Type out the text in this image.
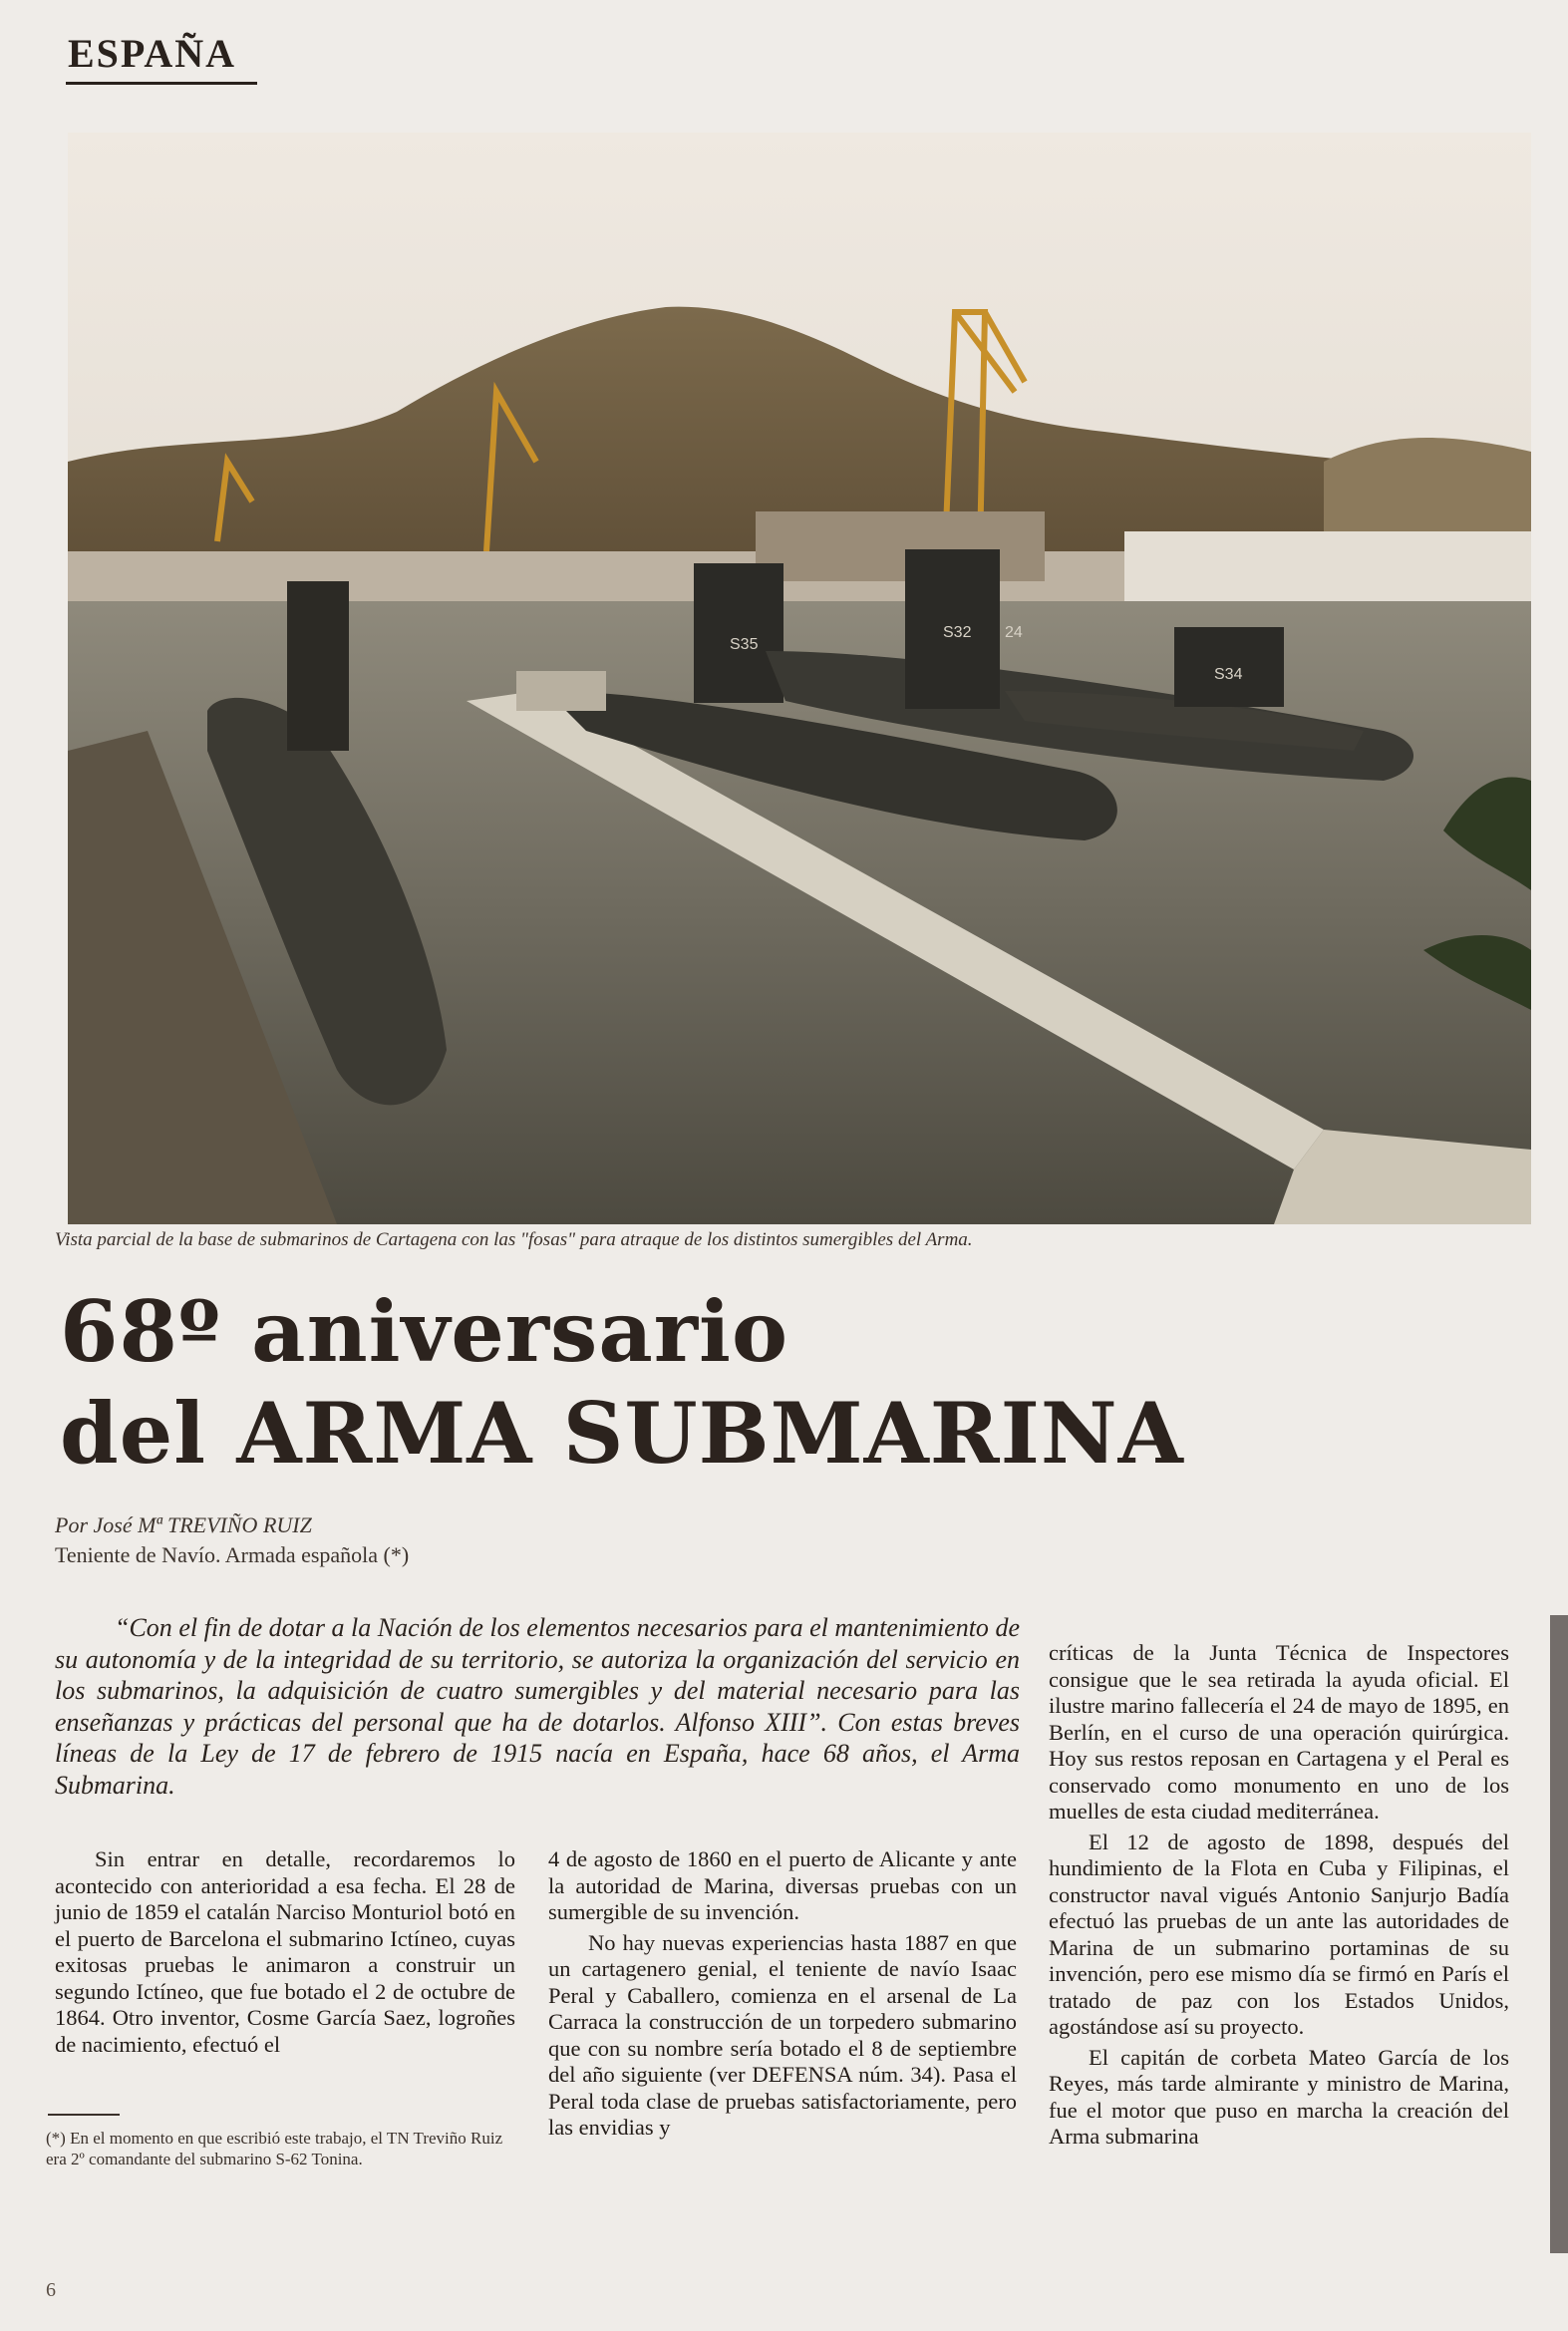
ESPAÑA
S35
S32 24
S34
Vista parcial de la base de submarinos de Cartagena con las "fosas" para atraque de los distintos sumergibles del Arma.
68º aniversario
del ARMA SUBMARINA
Por José Mª TREVIÑO RUIZ
Teniente de Navío. Armada española (*)
“Con el fin de dotar a la Nación de los elementos necesarios para el mantenimiento de su autonomía y de la integridad de su territorio, se autoriza la organización del servicio en los submarinos, la adquisición de cuatro sumergibles y del material necesario para las enseñanzas y prácticas del personal que ha de dotarlos. Alfonso XIII”. Con estas breves líneas de la Ley de 17 de febrero de 1915 nacía en España, hace 68 años, el Arma Submarina.

Sin entrar en detalle, recordaremos lo acontecido con anterioridad a esa fecha. El 28 de junio de 1859 el catalán Narciso Monturiol botó en el puerto de Barcelona el submarino Ictíneo, cuyas exitosas pruebas le animaron a construir un segundo Ictíneo, que fue botado el 2 de octubre de 1864. Otro inventor, Cosme García Saez, logroñes de nacimiento, efectuó el

(*) En el momento en que escribió este trabajo, el TN Treviño Ruiz era 2º comandante del submarino S-62 Tonina.

4 de agosto de 1860 en el puerto de Alicante y ante la autoridad de Marina, diversas pruebas con un sumergible de su invención.

No hay nuevas experiencias hasta 1887 en que un cartagenero genial, el teniente de navío Isaac Peral y Caballero, comienza en el arsenal de La Carraca la construcción de un torpedero submarino que con su nombre sería botado el 8 de septiembre del año siguiente (ver DEFENSA núm. 34). Pasa el Peral toda clase de pruebas satisfactoriamente, pero las envidias y

críticas de la Junta Técnica de Inspectores consigue que le sea retirada la ayuda oficial. El ilustre marino fallecería el 24 de mayo de 1895, en Berlín, en el curso de una operación quirúrgica. Hoy sus restos reposan en Cartagena y el Peral es conservado como monumento en uno de los muelles de esta ciudad mediterránea.

El 12 de agosto de 1898, después del hundimiento de la Flota en Cuba y Filipinas, el constructor naval vigués Antonio Sanjurjo Badía efectuó las pruebas de un ante las autoridades de Marina de un submarino portaminas de su invención, pero ese mismo día se firmó en París el tratado de paz con los Estados Unidos, agostándose así su proyecto.

El capitán de corbeta Mateo García de los Reyes, más tarde almirante y ministro de Marina, fue el motor que puso en marcha la creación del Arma submarina

6
